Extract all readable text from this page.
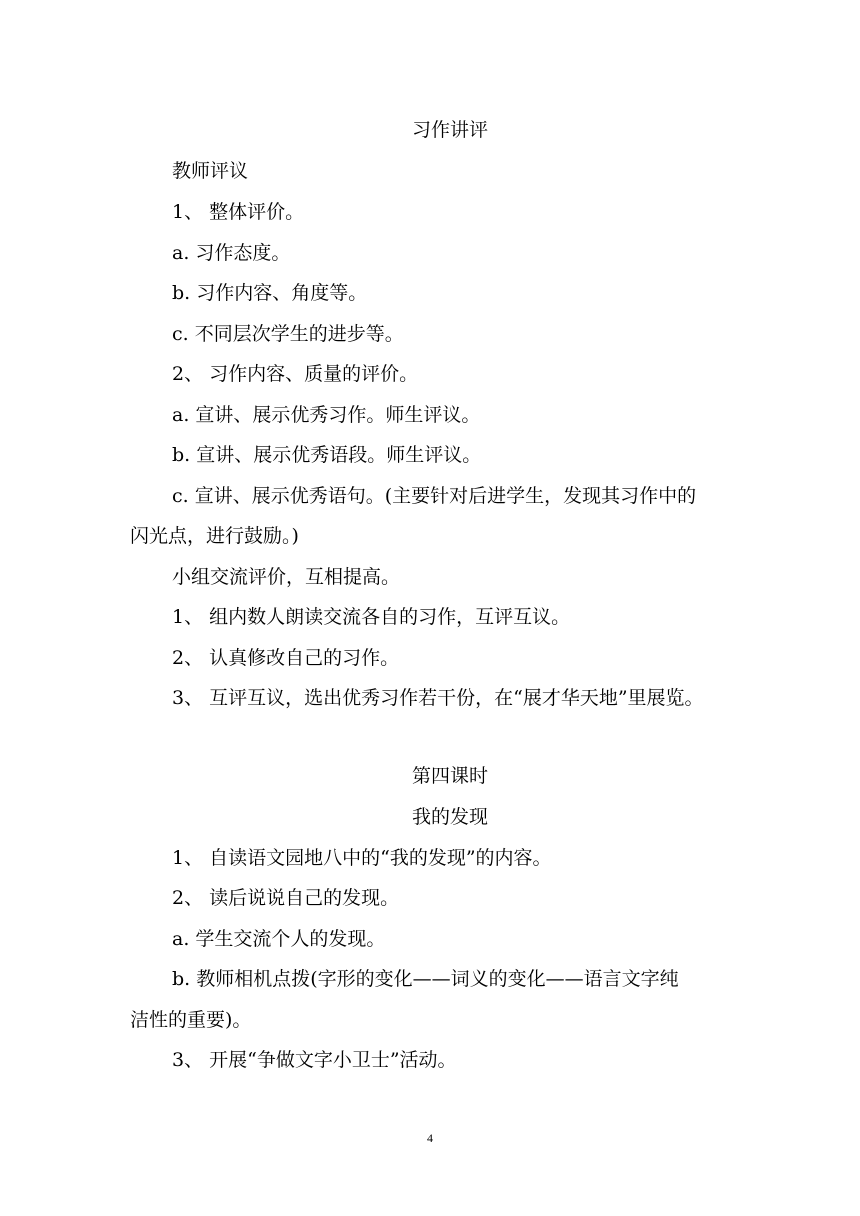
习作讲评
教师评议
1、 整体评价。
a. 习作态度。
b. 习作内容、角度等。
c. 不同层次学生的进步等。
2、 习作内容、质量的评价。
a. 宣讲、展示优秀习作。师生评议。
b. 宣讲、展示优秀语段。师生评议。
c. 宣讲、展示优秀语句。(主要针对后进学生，发现其习作中的
闪光点，进行鼓励。)
小组交流评价，互相提高。
1、 组内数人朗读交流各自的习作，互评互议。
2、 认真修改自己的习作。
3、 互评互议，选出优秀习作若干份，在“展才华天地”里展览。
第四课时
我的发现
1、 自读语文园地八中的“我的发现”的内容。
2、 读后说说自己的发现。
a. 学生交流个人的发现。
b. 教师相机点拨(字形的变化——词义的变化——语言文字纯
洁性的重要)。
3、 开展“争做文字小卫士”活动。
4
